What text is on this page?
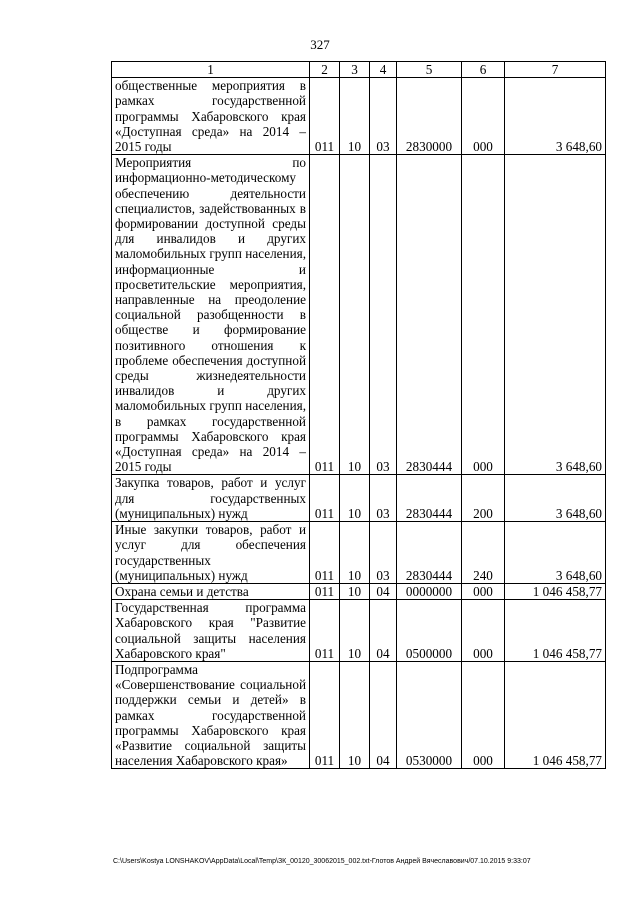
327
1	2	3	4	5	6	7
общественные мероприятия в рамках государственной программы Хабаровского края «Доступная среда» на 2014 – 2015 годы	011	10	03	2830000	000	3 648,60
Мероприятия по информационно-методическому обеспечению деятельности специалистов, задействованных в формировании доступной среды для инвалидов и других маломобильных групп населения, информационные и просветительские мероприятия, направленные на преодоление социальной разобщенности в обществе и формирование позитивного отношения к проблеме обеспечения доступной среды жизнедеятельности инвалидов и других маломобильных групп населения, в рамках государственной программы Хабаровского края «Доступная среда» на 2014 – 2015 годы	011	10	03	2830444	000	3 648,60
Закупка товаров, работ и услуг для государственных (муниципальных) нужд	011	10	03	2830444	200	3 648,60
Иные закупки товаров, работ и услуг для обеспечения государственных (муниципальных) нужд	011	10	03	2830444	240	3 648,60
Охрана семьи и детства	011	10	04	0000000	000	1 046 458,77
Государственная программа Хабаровского края "Развитие социальной защиты населения Хабаровского края"	011	10	04	0500000	000	1 046 458,77
Подпрограмма «Совершенствование социальной поддержки семьи и детей» в рамках государственной программы Хабаровского края «Развитие социальной защиты населения Хабаровского края»	011	10	04	0530000	000	1 046 458,77
C:\Users\Kostya LONSHAKOV\AppData\Local\Temp\ЗК_00120_30062015_002.txt-Глотов Андрей Вячеславович/07.10.2015 9:33:07
